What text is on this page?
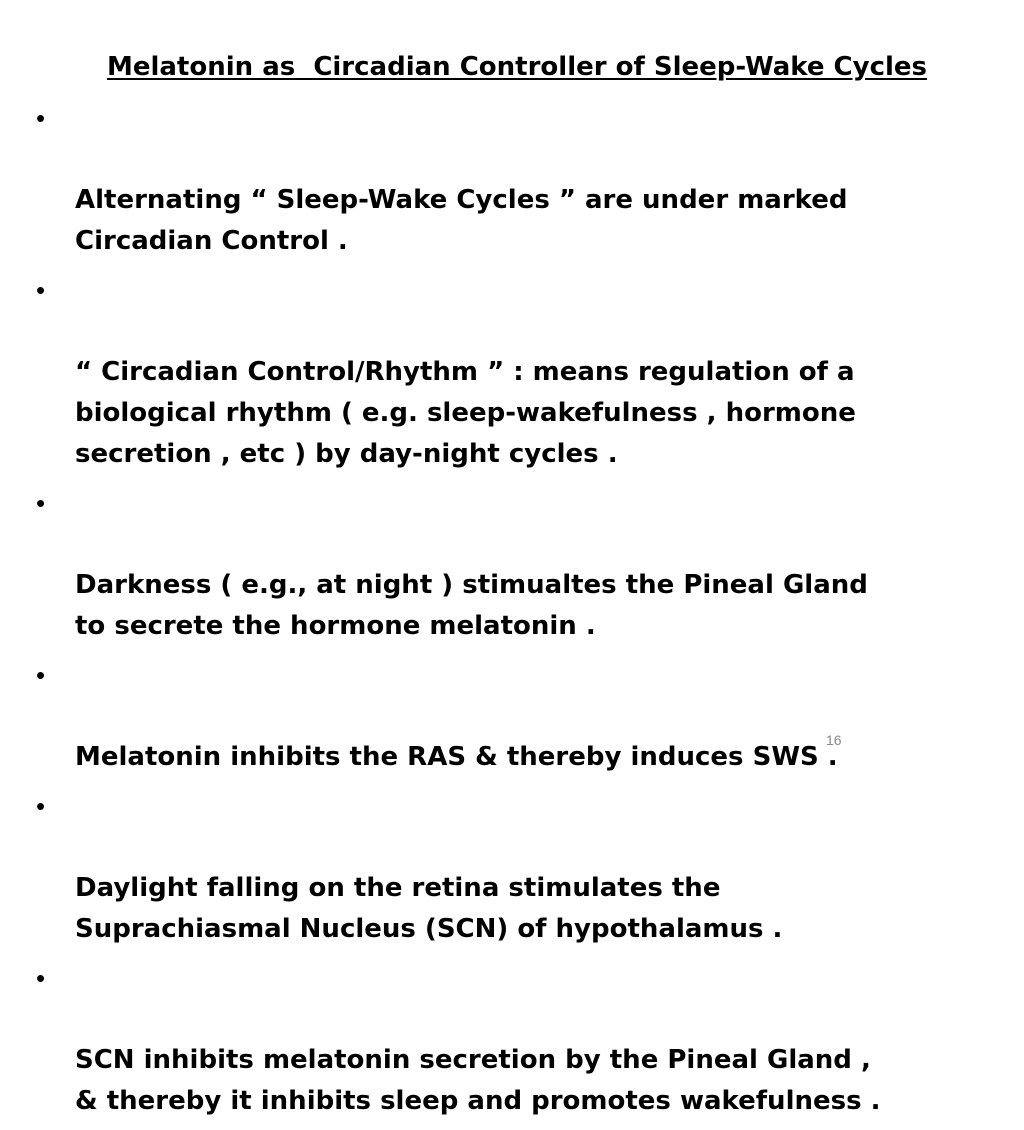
Melatonin as  Circadian Controller of Sleep-Wake Cycles

•

Alternating “ Sleep-Wake Cycles ” are under marked
Circadian Control .

•

“ Circadian Control/Rhythm ” : means regulation of a
biological rhythm ( e.g. sleep-wakefulness , hormone
secretion , etc ) by day-night cycles .

•

Darkness ( e.g., at night ) stimualtes the Pineal Gland
to secrete the hormone melatonin .

•

Melatonin inhibits the RAS & thereby induces SWS .

•

Daylight falling on the retina stimulates the
Suprachiasmal Nucleus (SCN) of hypothalamus .

•

SCN inhibits melatonin secretion by the Pineal Gland ,
& thereby it inhibits sleep and promotes wakefulness .

16
